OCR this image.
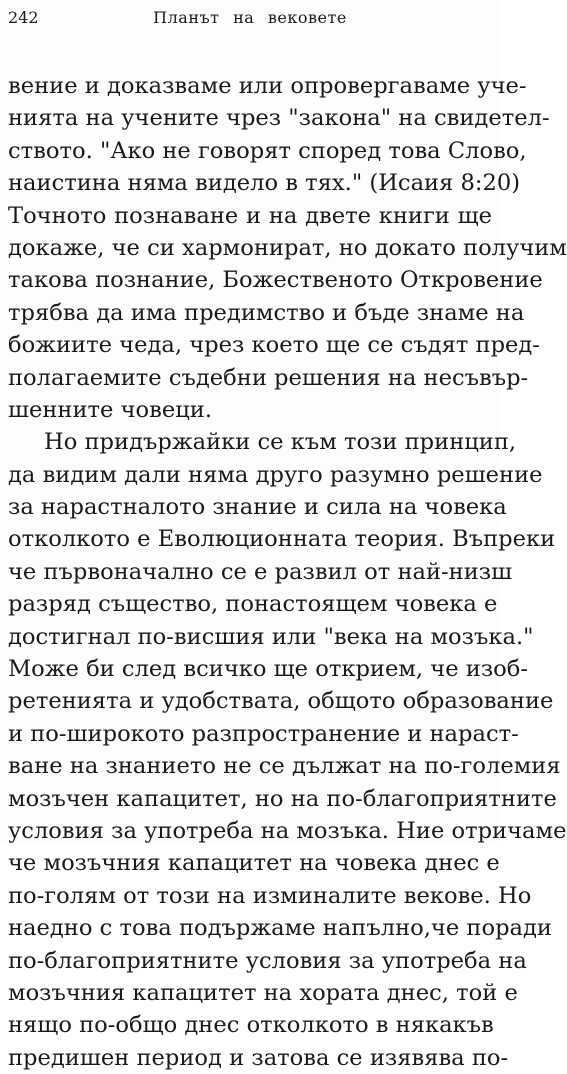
242	Планът на вековете
вение и доказваме или опровергаваме уче-
нията на учените чрез "закона" на свидетел-
ството. "Ако не говорят според това Слово,
наистина няма видело в тях." (Исаия 8:20)
Точното познаване и на двете книги ще
докаже, че си хармонират, но докато получим
такова познание, Божественото Откровение
трябва да има предимство и бъде знаме на
божиите чеда, чрез което ще се съдят пред-
полагаемите съдебни решения на несъвър-
шенните човеци.
Но придържайки се към този принцип,
да видим дали няма друго разумно решение
за нарастналото знание и сила на човека
отколкото е Еволюционната теория. Въпреки
че първоначално се е развил от най-низш
разряд същество, понастоящем човека е
достигнал по-висшия или "века на мозъка."
Може би след всичко ще открием, че изоб-
ретенията и удобствата, общото образование
и по-широкото разпространение и нараст-
ване на знанието не се дължат на по-големия
мозъчен капацитет, но на по-благоприятните
условия за употреба на мозъка. Ние отричаме
че мозъчния капацитет на човека днес е
по-голям от този на изминалите векове. Но
наедно с това подържаме напълно,че поради
по-благоприятните условия за употреба на
мозъчния капацитет на хората днес, той е
нящо по-общо днес отколкото в някакъв
предишен период и затова се изявява по-
